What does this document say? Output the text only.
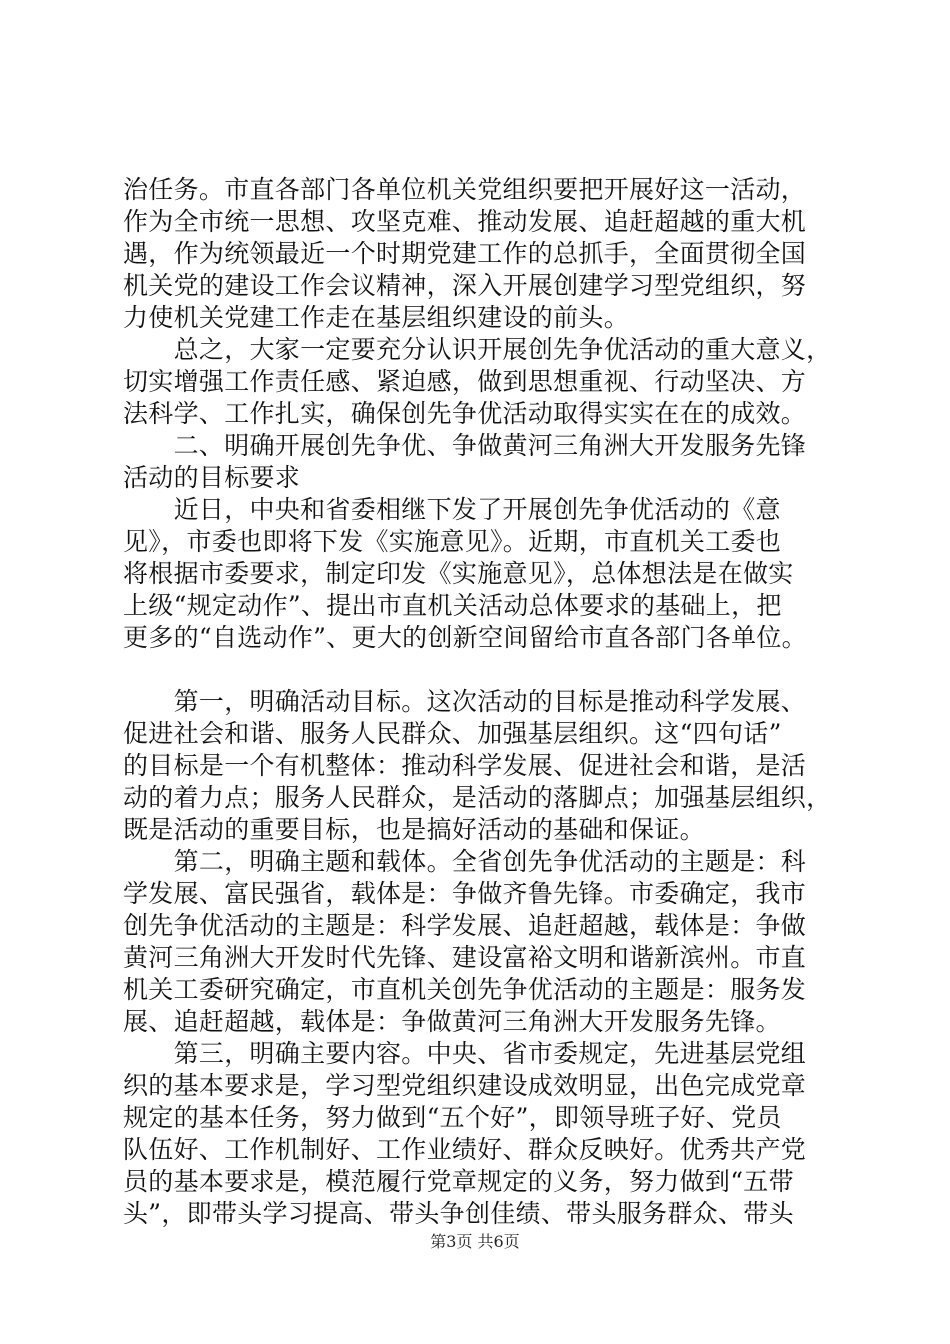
治任务。市直各部门各单位机关党组织要把开展好这一活动，
作为全市统一思想、攻坚克难、推动发展、追赶超越的重大机
遇，作为统领最近一个时期党建工作的总抓手，全面贯彻全国
机关党的建设工作会议精神，深入开展创建学习型党组织，努
力使机关党建工作走在基层组织建设的前头。
　　总之，大家一定要充分认识开展创先争优活动的重大意义，
切实增强工作责任感、紧迫感，做到思想重视、行动坚决、方
法科学、工作扎实，确保创先争优活动取得实实在在的成效。
　　二、明确开展创先争优、争做黄河三角洲大开发服务先锋
活动的目标要求
　　近日，中央和省委相继下发了开展创先争优活动的《意
见》，市委也即将下发《实施意见》。近期，市直机关工委也
将根据市委要求，制定印发《实施意见》，总体想法是在做实
上级“规定动作”、提出市直机关活动总体要求的基础上，把
更多的“自选动作”、更大的创新空间留给市直各部门各单位。
　　第一，明确活动目标。这次活动的目标是推动科学发展、
促进社会和谐、服务人民群众、加强基层组织。这“四句话”
的目标是一个有机整体：推动科学发展、促进社会和谐，是活
动的着力点；服务人民群众，是活动的落脚点；加强基层组织，
既是活动的重要目标，也是搞好活动的基础和保证。
　　第二，明确主题和载体。全省创先争优活动的主题是：科
学发展、富民强省，载体是：争做齐鲁先锋。市委确定，我市
创先争优活动的主题是：科学发展、追赶超越，载体是：争做
黄河三角洲大开发时代先锋、建设富裕文明和谐新滨州。市直
机关工委研究确定，市直机关创先争优活动的主题是：服务发
展、追赶超越，载体是：争做黄河三角洲大开发服务先锋。
　　第三，明确主要内容。中央、省市委规定，先进基层党组
织的基本要求是，学习型党组织建设成效明显，出色完成党章
规定的基本任务，努力做到“五个好”，即领导班子好、党员
队伍好、工作机制好、工作业绩好、群众反映好。优秀共产党
员的基本要求是，模范履行党章规定的义务，努力做到“五带
头”，即带头学习提高、带头争创佳绩、带头服务群众、带头
第3页 共6页
